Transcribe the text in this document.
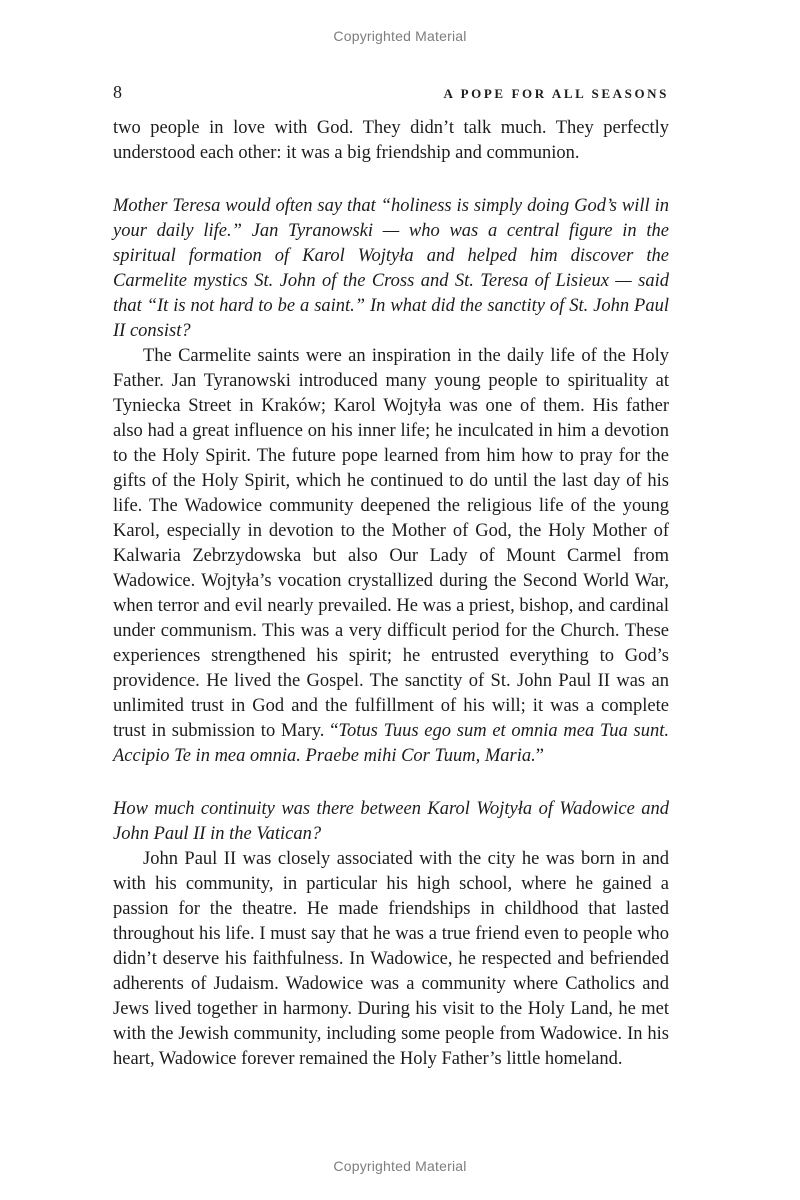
Copyrighted Material
8	A POPE FOR ALL SEASONS

two people in love with God. They didn’t talk much. They perfectly understood each other: it was a big friendship and communion.

Mother Teresa would often say that “holiness is simply doing God’s will in your daily life.” Jan Tyranowski — who was a central figure in the spiritual formation of Karol Wojtyła and helped him discover the Carmelite mystics St. John of the Cross and St. Teresa of Lisieux — said that “It is not hard to be a saint.” In what did the sanctity of St. John Paul II consist?

The Carmelite saints were an inspiration in the daily life of the Holy Father. Jan Tyranowski introduced many young people to spirituality at Tyniecka Street in Kraków; Karol Wojtyła was one of them. His father also had a great influence on his inner life; he inculcated in him a devotion to the Holy Spirit. The future pope learned from him how to pray for the gifts of the Holy Spirit, which he continued to do until the last day of his life. The Wadowice community deepened the religious life of the young Karol, especially in devotion to the Mother of God, the Holy Mother of Kalwaria Zebrzydowska but also Our Lady of Mount Carmel from Wadowice. Wojtyła’s vocation crystallized during the Second World War, when terror and evil nearly prevailed. He was a priest, bishop, and cardinal under communism. This was a very difficult period for the Church. These experiences strengthened his spirit; he entrusted everything to God’s providence. He lived the Gospel. The sanctity of St. John Paul II was an unlimited trust in God and the fulfillment of his will; it was a complete trust in submission to Mary. “Totus Tuus ego sum et omnia mea Tua sunt. Accipio Te in mea omnia. Praebe mihi Cor Tuum, Maria.”

How much continuity was there between Karol Wojtyła of Wadowice and John Paul II in the Vatican?

John Paul II was closely associated with the city he was born in and with his community, in particular his high school, where he gained a passion for the theatre. He made friendships in childhood that lasted throughout his life. I must say that he was a true friend even to people who didn’t deserve his faithfulness. In Wadowice, he respected and befriended adherents of Judaism. Wadowice was a community where Catholics and Jews lived together in harmony. During his visit to the Holy Land, he met with the Jewish community, including some people from Wadowice. In his heart, Wadowice forever remained the Holy Father’s little homeland.

Copyrighted Material
